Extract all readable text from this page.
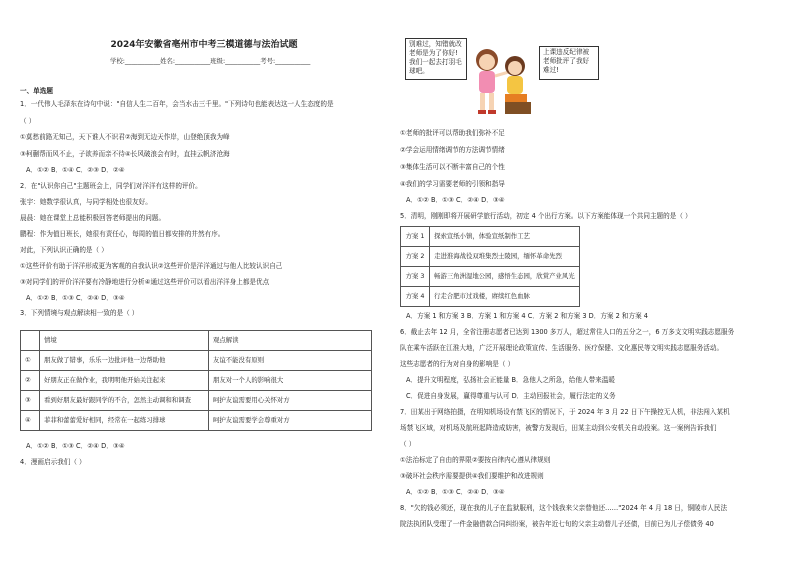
2024年安徽省亳州市中考三模道德与法治试题
学校:___________姓名:___________班级:___________考号:___________
一、单选题
1．一代伟人毛泽东在诗句中说："自信人生二百年，会当水击三千里。"下列诗句也能表达这一人生态度的是
（ ）
①莫愁前路无知己，天下谁人不识君②海到无边天作岸，山登绝顶我为峰
③柯蒯帮而风不止，子欲养而亲不待④长风破浪会有时，直挂云帆济沧海
A．①② B．①④ C．②③ D．②④
2．在"认识你自己"主题班会上，同学们对洋洋有这样的评价。
张宇：她数学很认真，与同学相处也很友好。
晨晨：她在课堂上总能积极回答老师提出的问题。
鹏程：作为值日班长，她很有责任心，每周的值日都安排的井然有序。
对此，下列认识正确的是（ ）
①这些评价有助于洋洋形成更为客观的自我认识②这些评价是洋洋通过与他人比较认识自己
③对同学们的评价洋洋要有冷静地进行分析④通过这些评价可以看出洋洋身上都是优点
A．①② B．①③ C．②④ D．③④
3．下列情境与观点解读相一致的是（ ）
	情境	观点解读
①	朋友做了错事，乐乐一边批评他一边帮助他	友谊不能没有原则
②	好朋友正在做作业，我明明他开始关注起来	朋友对一个人的影响很大
③	看到好朋友最好跟同学的不合，怎然主动调和和调查	呵护友谊需要用心关怀对方
④	菲菲和蕾蕾爱好相同，经常在一起练习排球	呵护友谊需要学会尊重对方
A．①② B．①③ C．②④ D．③④
4．漫画启示我们（ ）
别难过，知错就改老师是为了你好!我们一起去打羽毛球吧。
上课违反纪律被老师批评了我好难过!
①老师的批评可以帮助我们弥补不足
②学会运用情绪调节的方法调节情绪
③集体生活可以不断丰富自己的个性
④我们的学习需要老师的引领和指导
A．①② B．①③ C．②④ D．③④
5．清明，刚刚即将开展研学旅行活动，初定 4 个出行方案。以下方案能体现一个共同主题的是（ ）
方案 1	探索宣纸小镇，体验宣纸制作工艺
方案 2	走进淮海战役双堆集烈士陵园，缅怀革命先烈
方案 3	畅游三角洲湿地公园，感悟生态园，欣赏产业风光
方案 4	行走合肥市过戏楼，赓续红色血脉
A．方案 1 和方案 3 B．方案 1 和方案 4 C．方案 2 和方案 3 D．方案 2 和方案 4
6．截止去年 12 月，全省注册志愿者已达到 1300 多万人，超过常住人口的五分之一，6 万多支文明实践志愿服务
队在乘车活跃在江淮大地，广泛开展理论政策宣传、生活服务、医疗保健、文化惠民等文明实践志愿服务活动。
这些志愿者的行为对自身的影响是（ ）
A．提升文明程度，弘扬社会正能量 B．急他人之所急，给他人带来温暖
C．促进自身发展，赢得尊重与认可 D．主动回报社会，履行法定的义务
7．田某出于网络拍摄，在明知机场设有禁飞区的情况下，于 2024 年 3 月 22 日下午操控无人机，非法闯入某机
场禁飞区域，对机场及航班起降造成妨害，被警方发现后，田某主动到公安机关自动投案。这一案例告诉我们
（ ）
①法治标定了自由的界限②要按自律内心遵从律规则
③破坏社会秩序需要提供④我们要维护和改进规则
A．①② B．①③ C．②④ D．③④
8．"欠的钱必须还，现在我的儿子在监狱服刑，这个钱我来父亲替他还……"2024 年 4 月 18 日，铜陵市人民法
院法执团队受理了一件金融借款合同纠纷案，被告年近七旬的父亲主动替儿子还债，目前已为儿子偿债务 40
